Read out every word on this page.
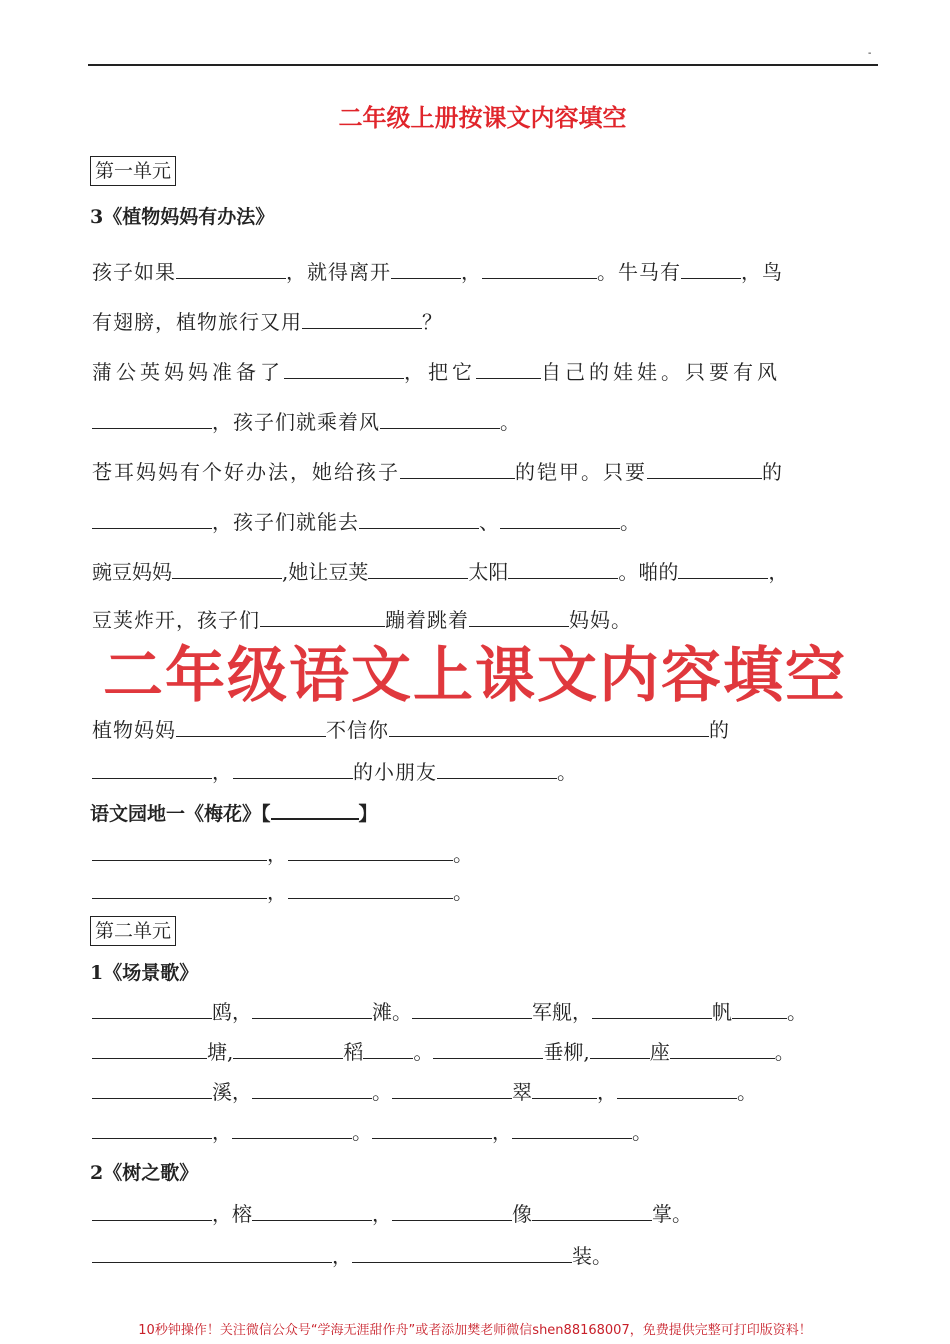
-
二年级上册按课文内容填空
第一单元
3《植物妈妈有办法》
孩子如果	，就得离开	，	。牛马有	，鸟
有翅膀，植物旅行又用	？
蒲公英妈妈准备了	，把它	自己的娃娃。只要有风
，孩子们就乘着风	。
苍耳妈妈有个好办法，她给孩子	的铠甲。只要	的
，孩子们就能去	、	。
豌豆妈妈	,她让豆荚	太阳	。啪的	，
豆荚炸开，孩子们	蹦着跳着	妈妈。
二年级语文上课文内容填空
植物妈妈	不信你	的
，	的小朋友	。
语文园地一《梅花》【	】
，	。
，	。
第二单元
1《场景歌》
鸥，	滩。	军舰，	帆	。
塘,	稻	。	垂柳,	座	。
溪，	。	翠	，	。
，	。	，	。
2《树之歌》
，榕	，	像	掌。
，	装。
10秒钟操作！关注微信公众号“学海无涯甜作舟”或者添加樊老师微信shen88168007，免费提供完整可打印版资料！
